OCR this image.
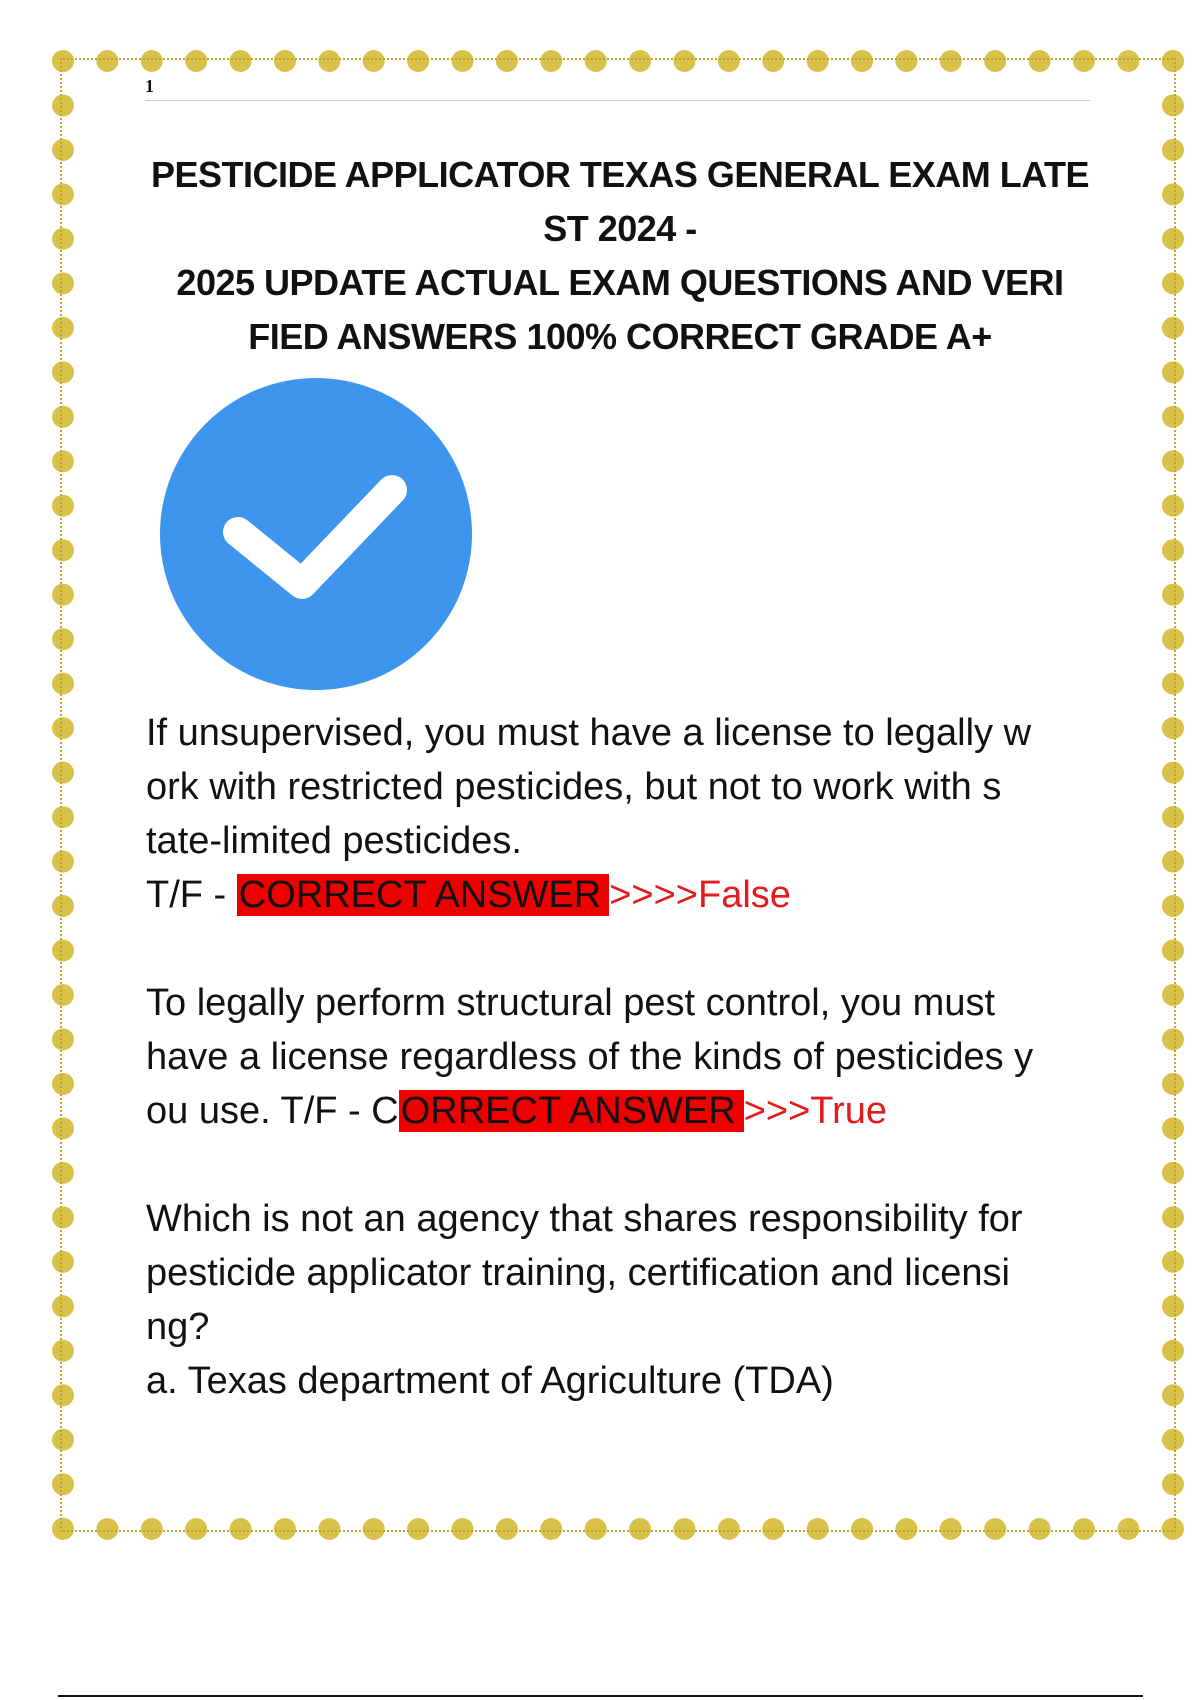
1
PESTICIDE APPLICATOR TEXAS GENERAL EXAM LATE
ST 2024 -
2025 UPDATE ACTUAL EXAM QUESTIONS AND VERI
FIED ANSWERS 100% CORRECT GRADE A+
If unsupervised, you must have a license to legally w
ork with restricted pesticides, but not to work with s
tate-limited pesticides.
T/F - CORRECT ANSWER >>>>False
To legally perform structural pest control, you must
have a license regardless of the kinds of pesticides y
ou use. T/F - CORRECT ANSWER >>>True
Which is not an agency that shares responsibility for
pesticide applicator training, certification and licensi
ng?
a. Texas department of Agriculture (TDA)
